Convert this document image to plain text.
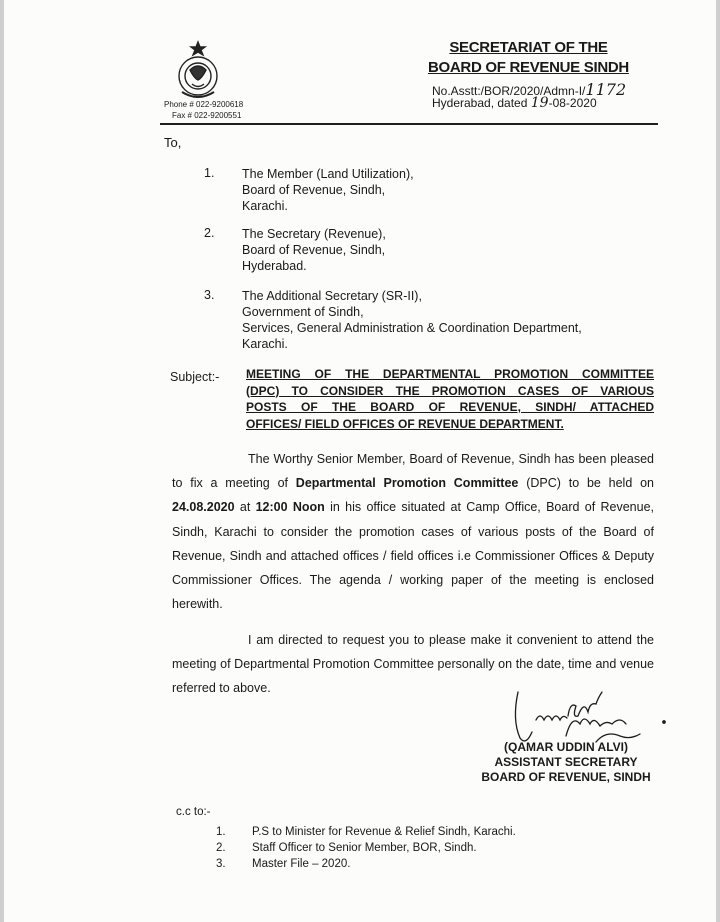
SECRETARIAT OF THE
BOARD OF REVENUE SINDH
No.Asstt:/BOR/2020/Admn-I/1172
Hyderabad, dated 19-08-2020
Phone # 022-9200618
Fax # 022-9200551
To,
1. The Member (Land Utilization),
Board of Revenue, Sindh,
Karachi.
2. The Secretary (Revenue),
Board of Revenue, Sindh,
Hyderabad.
3. The Additional Secretary (SR-II),
Government of Sindh,
Services, General Administration & Coordination Department,
Karachi.
Subject:- MEETING OF THE DEPARTMENTAL PROMOTION COMMITTEE
(DPC) TO CONSIDER THE PROMOTION CASES OF VARIOUS
POSTS OF THE BOARD OF REVENUE, SINDH/ ATTACHED
OFFICES/ FIELD OFFICES OF REVENUE DEPARTMENT.
The Worthy Senior Member, Board of Revenue, Sindh has been pleased to fix a meeting of Departmental Promotion Committee (DPC) to be held on 24.08.2020 at 12:00 Noon in his office situated at Camp Office, Board of Revenue, Sindh, Karachi to consider the promotion cases of various posts of the Board of Revenue, Sindh and attached offices / field offices i.e Commissioner Offices & Deputy Commissioner Offices. The agenda / working paper of the meeting is enclosed herewith.
I am directed to request you to please make it convenient to attend the meeting of Departmental Promotion Committee personally on the date, time and venue referred to above.
(QAMAR UDDIN ALVI)
ASSISTANT SECRETARY
BOARD OF REVENUE, SINDH
c.c to:-
1. P.S to Minister for Revenue & Relief Sindh, Karachi.
2. Staff Officer to Senior Member, BOR, Sindh.
3. Master File – 2020.
